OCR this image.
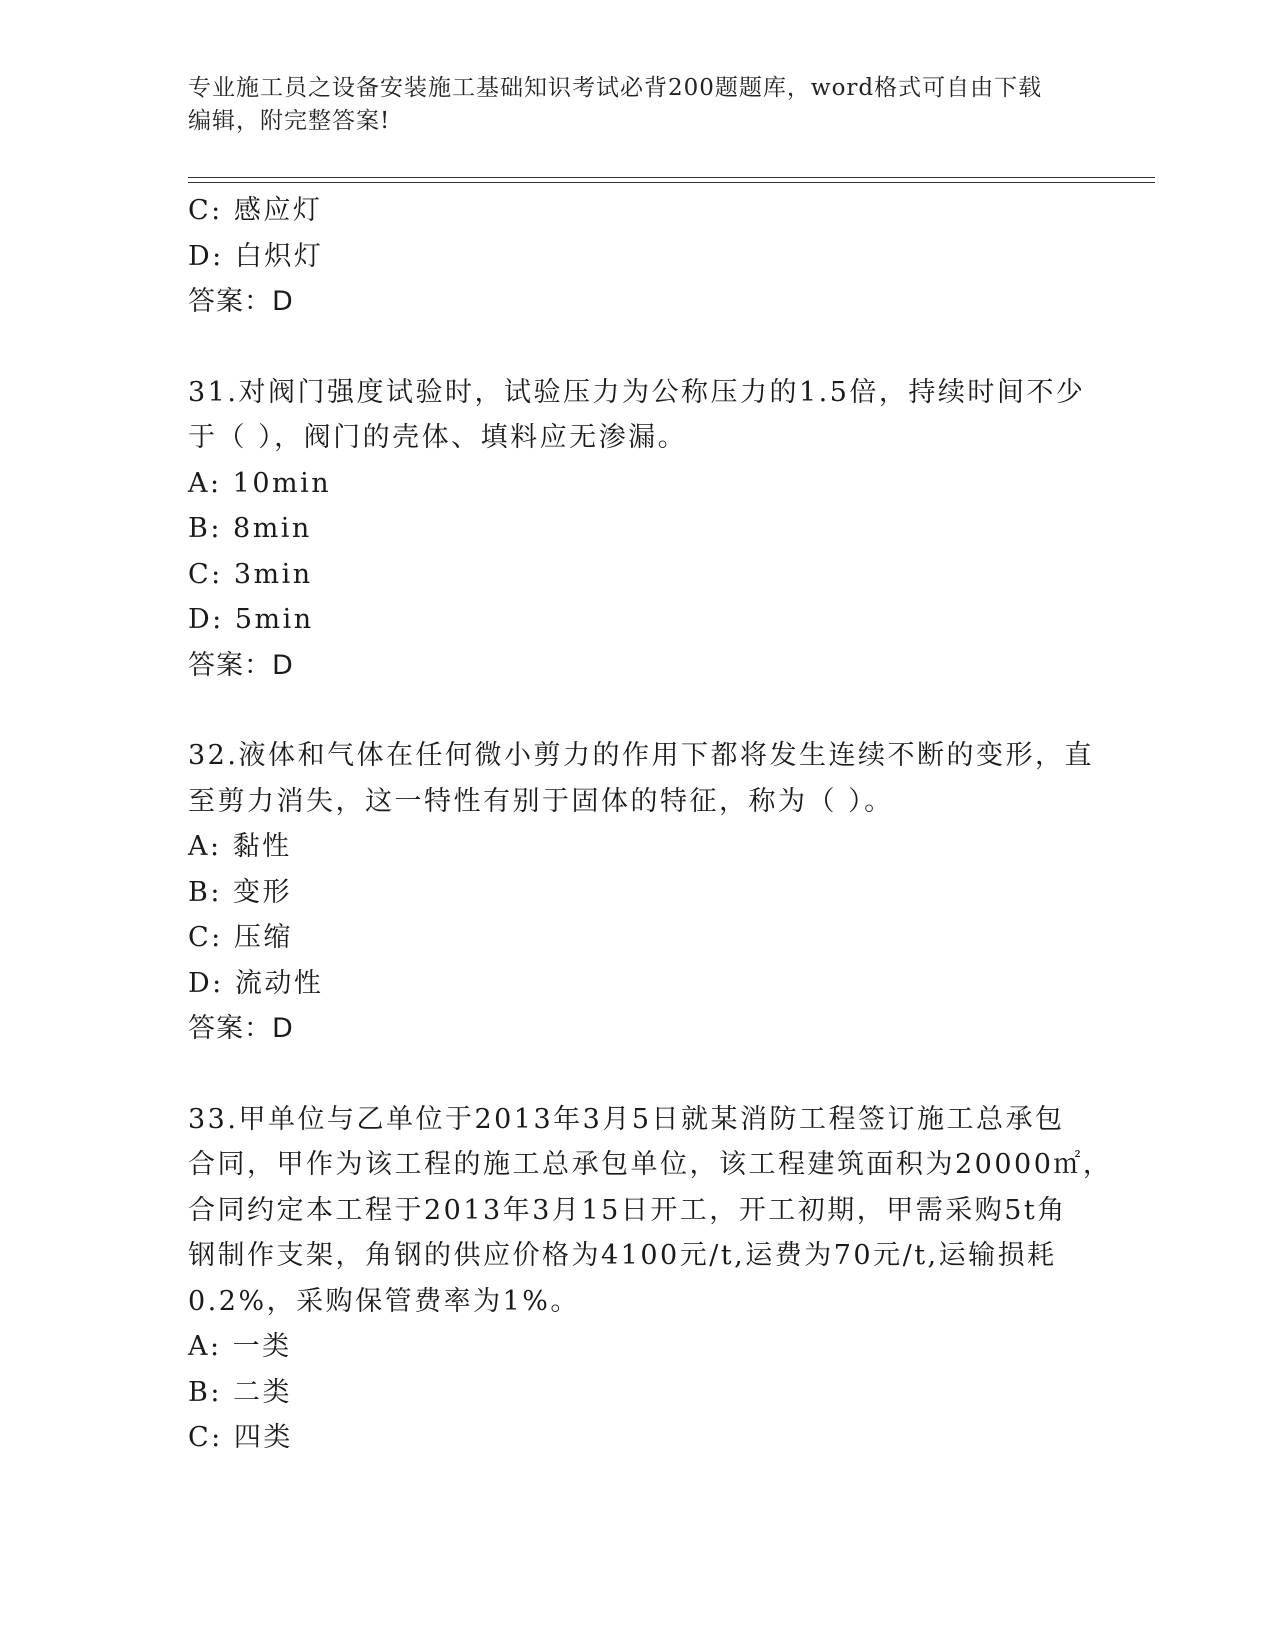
专业施工员之设备安装施工基础知识考试必背200题题库，word格式可自由下载
编辑，附完整答案!
C: 感应灯
D: 白炽灯
答案：D
31.对阀门强度试验时，试验压力为公称压力的1.5倍，持续时间不少
于（ ），阀门的壳体、填料应无渗漏。
A: 10min
B: 8min
C: 3min
D: 5min
答案：D
32.液体和气体在任何微小剪力的作用下都将发生连续不断的变形，直
至剪力消失，这一特性有别于固体的特征，称为（ ）。
A: 黏性
B: 变形
C: 压缩
D: 流动性
答案：D
33.甲单位与乙单位于2013年3月5日就某消防工程签订施工总承包
合同，甲作为该工程的施工总承包单位，该工程建筑面积为20000㎡，
合同约定本工程于2013年3月15日开工，开工初期，甲需采购5t角
钢制作支架，角钢的供应价格为4100元/t,运费为70元/t,运输损耗
0.2%，采购保管费率为1%。
A: 一类
B: 二类
C: 四类
